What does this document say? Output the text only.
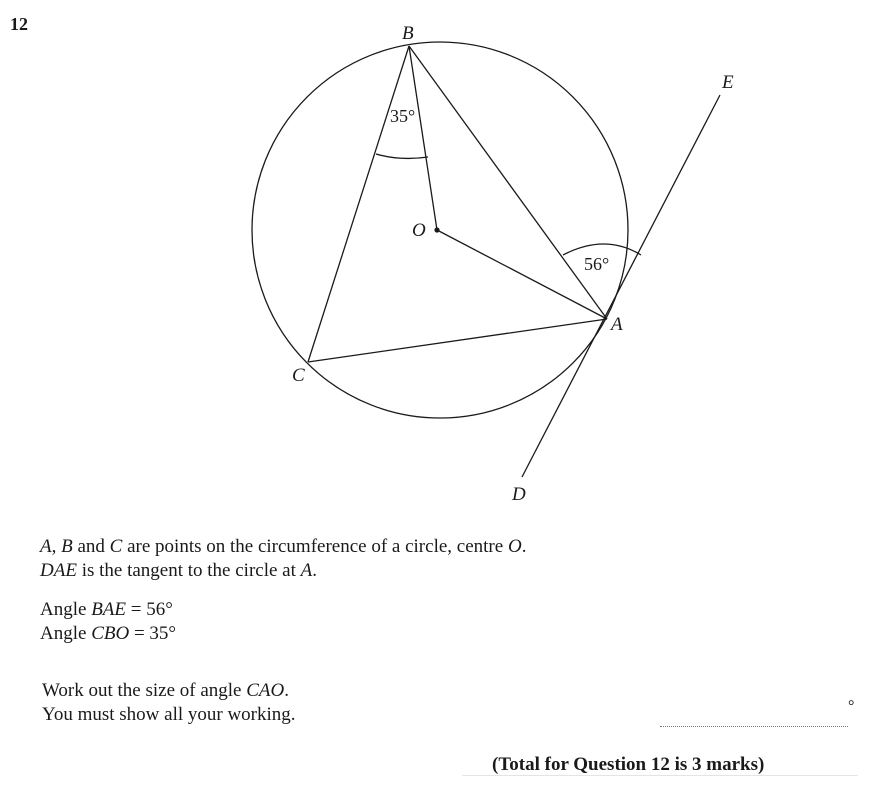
12	B
E
O
A
C
D
35°
56°
A, B and C are points on the circumference of a circle, centre O.
DAE is the tangent to the circle at A.
Angle BAE = 56°
Angle CBO = 35°
Work out the size of angle CAO.
You must show all your working.	°
(Total for Question 12 is 3 marks)
